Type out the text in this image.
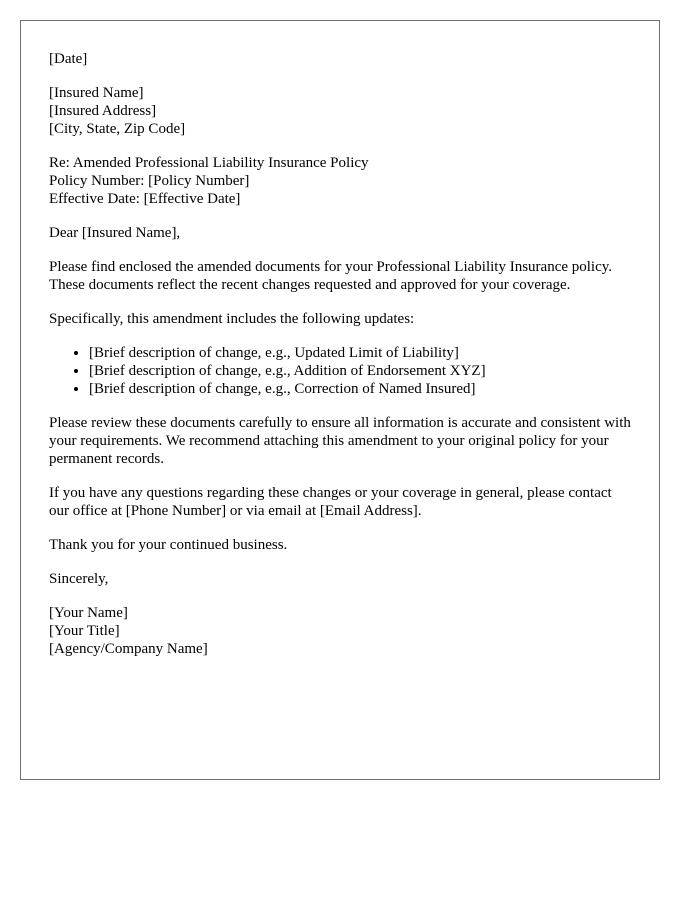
[Date]
[Insured Name]
[Insured Address]
[City, State, Zip Code]
Re: Amended Professional Liability Insurance Policy
Policy Number: [Policy Number]
Effective Date: [Effective Date]

Dear [Insured Name],

Please find enclosed the amended documents for your Professional Liability Insurance policy. These documents reflect the recent changes requested and approved for your coverage.

Specifically, this amendment includes the following updates:

• [Brief description of change, e.g., Updated Limit of Liability]
• [Brief description of change, e.g., Addition of Endorsement XYZ]
• [Brief description of change, e.g., Correction of Named Insured]

Please review these documents carefully to ensure all information is accurate and consistent with your requirements. We recommend attaching this amendment to your original policy for your permanent records.

If you have any questions regarding these changes or your coverage in general, please contact our office at [Phone Number] or via email at [Email Address].

Thank you for your continued business.

Sincerely,

[Your Name]
[Your Title]
[Agency/Company Name]
